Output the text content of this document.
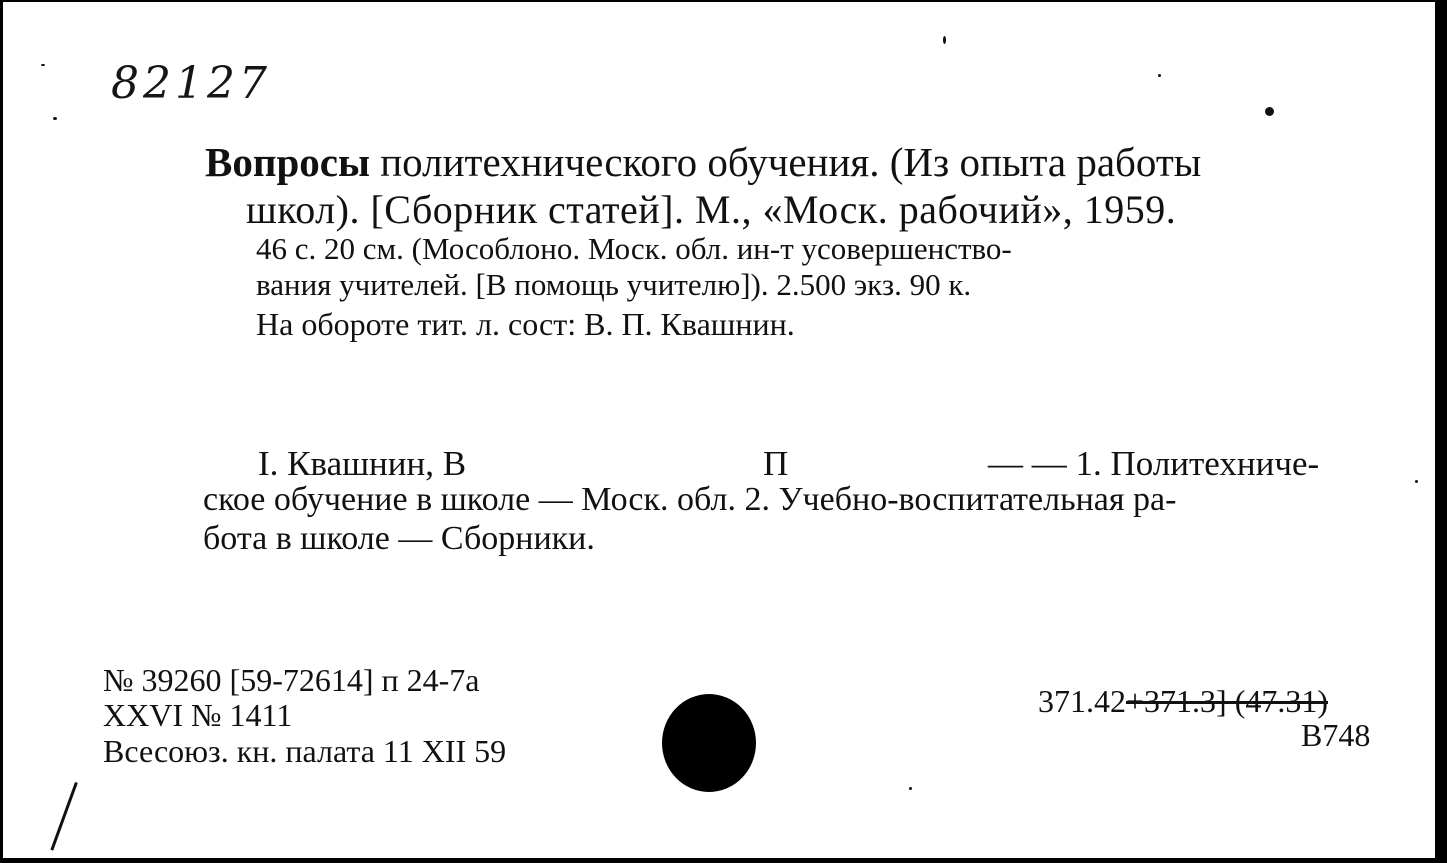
82127
Вопросы политехнического обучения. (Из опыта работы
школ). [Сборник статей]. М., «Моск. рабочий», 1959.
46 с. 20 см. (Мособлоно. Моск. обл. ин-т усовершенство-
вания учителей. [В помощь учителю]). 2.500 экз. 90 к.
На обороте тит. л. сост: В. П. Квашнин.
I. Квашнин, В	П	— — 1. Политехниче-
ское обучение в школе — Моск. обл. 2. Учебно-воспитательная ра-
бота в школе — Сборники.
№ 39260 [59-72614] п 24-7а
XXVI № 1411
Всесоюз. кн. палата 11 XII 59
371.42+371.3] (47.31)
В748
